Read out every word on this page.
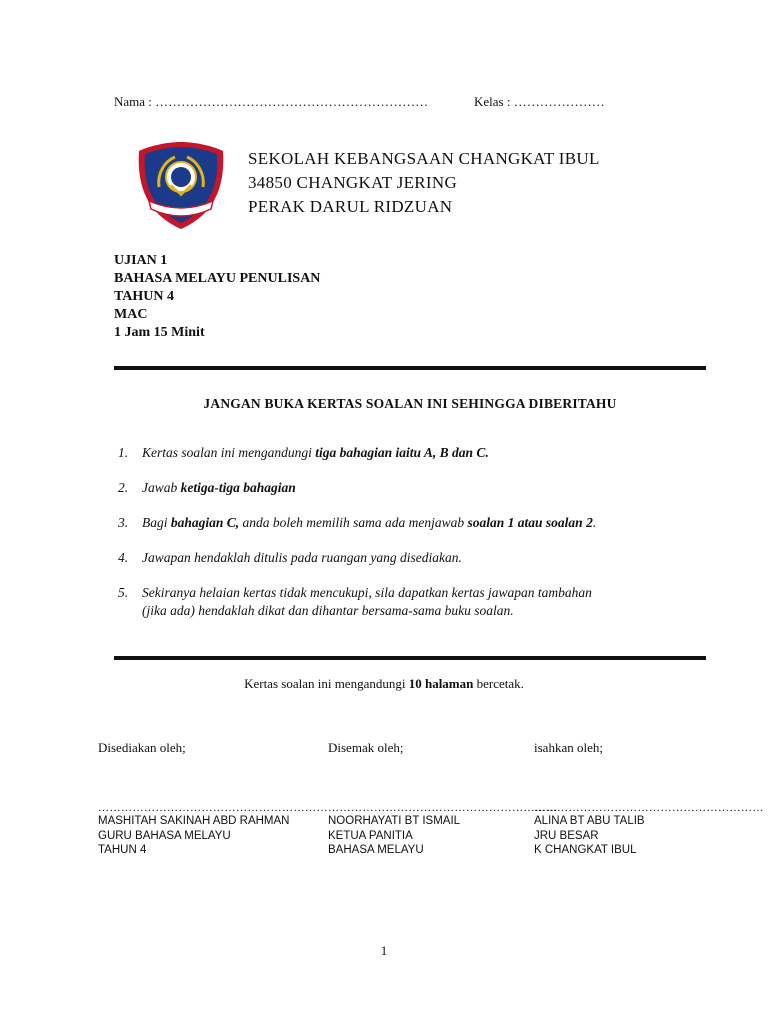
Nama : ………………………………………………………	Kelas : …………………
SEKOLAH KEBANGSAAN CHANGKAT IBUL
34850 CHANGKAT JERING
PERAK DARUL RIDZUAN
UJIAN 1
BAHASA MELAYU PENULISAN
TAHUN 4
MAC
1 Jam 15 Minit
JANGAN BUKA KERTAS SOALAN INI SEHINGGA DIBERITAHU
1. Kertas soalan ini mengandungi tiga bahagian iaitu A, B dan C.
2. Jawab ketiga-tiga bahagian
3. Bagi bahagian C, anda boleh memilih sama ada menjawab soalan 1 atau soalan 2.
4. Jawapan hendaklah ditulis pada ruangan yang disediakan.
5. Sekiranya helaian kertas tidak mencukupi, sila dapatkan kertas jawapan tambahan
(jika ada) hendaklah dikat dan dihantar bersama-sama buku soalan.
Kertas soalan ini mengandungi 10 halaman bercetak.
Disediakan oleh;
……………………………………………………
MASHITAH SAKINAH ABD RAHMAN
GURU BAHASA MELAYU
TAHUN 4
Disemak oleh;
……………………………………………………
NOORHAYATI BT ISMAIL
KETUA PANITIA
BAHASA MELAYU
isahkan oleh;
……………………………………………………
ALINA BT ABU TALIB
JRU BESAR
K CHANGKAT IBUL
1
